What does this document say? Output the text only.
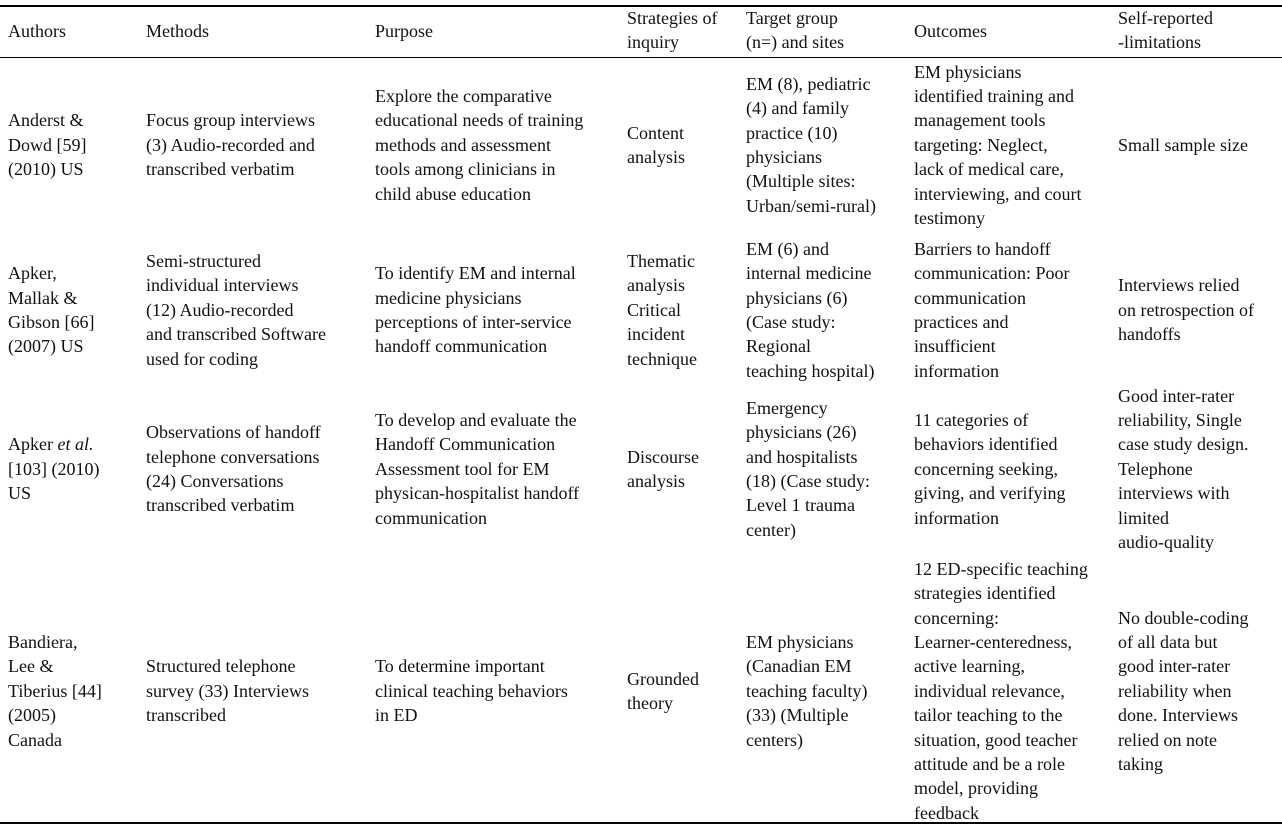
Authors	Methods	Purpose
Strategies of
inquiry
Target group
(n=) and sites
Outcomes
Self-reported
-limitations
Anderst &
Dowd [59]
(2010) US
Focus group interviews
(3) Audio-recorded and
transcribed verbatim
Explore the comparative
educational needs of training
methods and assessment
tools among clinicians in
child abuse education
Content
analysis
EM (8), pediatric
(4) and family
practice (10)
physicians
(Multiple sites:
Urban/semi-rural)
EM physicians
identified training and
management tools
targeting: Neglect,
lack of medical care,
interviewing, and court
testimony
Small sample size
Apker,
Mallak &
Gibson [66]
(2007) US
Semi-structured
individual interviews
(12) Audio-recorded
and transcribed Software
used for coding
To identify EM and internal
medicine physicians
perceptions of inter-service
handoff communication
Thematic
analysis
Critical
incident
technique
EM (6) and
internal medicine
physicians (6)
(Case study:
Regional
teaching hospital)
Barriers to handoff
communication: Poor
communication
practices and
insufficient
information
Interviews relied
on retrospection of
handoffs
Apker et al.
[103] (2010)
US
Observations of handoff
telephone conversations
(24) Conversations
transcribed verbatim
To develop and evaluate the
Handoff Communication
Assessment tool for EM
physican-hospitalist handoff
communication
Discourse
analysis
Emergency
physicians (26)
and hospitalists
(18) (Case study:
Level 1 trauma
center)
11 categories of
behaviors identified
concerning seeking,
giving, and verifying
information
Good inter-rater
reliability, Single
case study design.
Telephone
interviews with
limited
audio-quality
Bandiera,
Lee &
Tiberius [44]
(2005)
Canada
Structured telephone
survey (33) Interviews
transcribed
To determine important
clinical teaching behaviors
in ED
Grounded
theory
EM physicians
(Canadian EM
teaching faculty)
(33) (Multiple
centers)
12 ED-specific teaching
strategies identified
concerning:
Learner-centeredness,
active learning,
individual relevance,
tailor teaching to the
situation, good teacher
attitude and be a role
model, providing
feedback
No double-coding
of all data but
good inter-rater
reliability when
done. Interviews
relied on note
taking
